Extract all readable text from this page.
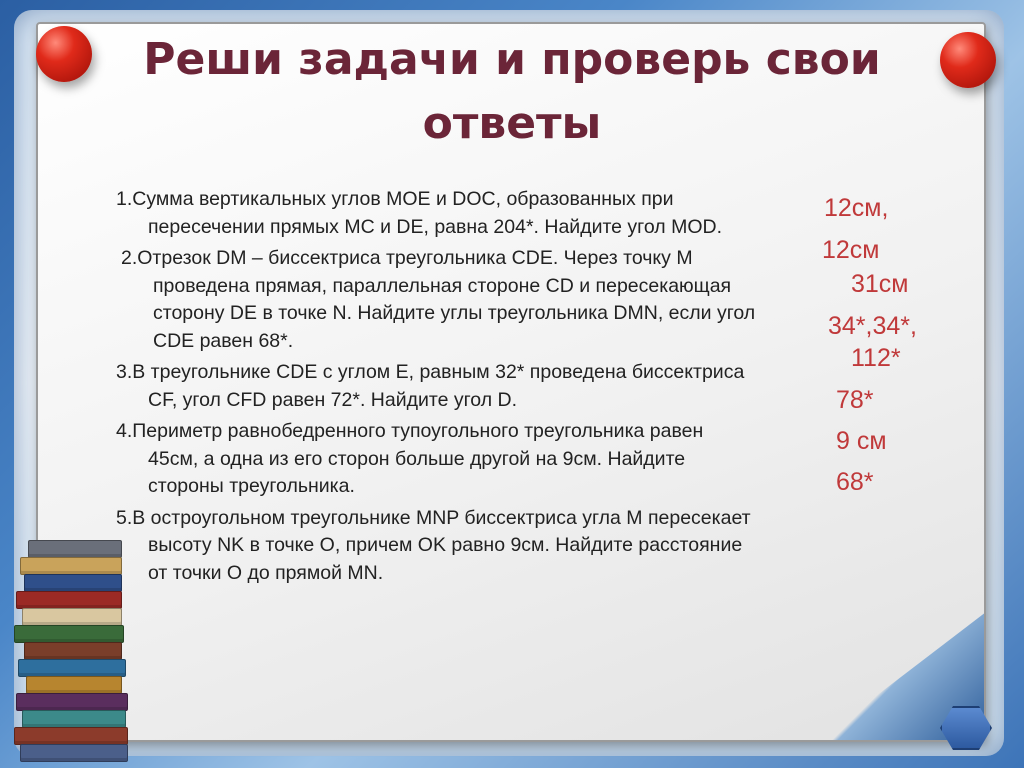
Реши задачи и проверь свои
ответы

1.Сумма вертикальных углов MOE и DOC, образованных при пересечении прямых MC и DE, равна 204*. Найдите угол MOD.

2.Отрезок DM – биссектриса треугольника CDE. Через точку M проведена прямая, параллельная стороне CD и пересекающая сторону DE в точке N. Найдите углы треугольника DMN, если угол CDE равен 68*.

3.В треугольнике CDE с углом E, равным 32* проведена биссектриса CF, угол CFD равен 72*. Найдите угол D.

4.Периметр равнобедренного тупоугольного треугольника равен 45см, а одна из его сторон больше другой на 9см. Найдите стороны треугольника.

5.В остроугольном треугольнике MNP биссектриса угла M пересекает высоту NK в точке O, причем OK равно 9см. Найдите расстояние от точки O до прямой MN.

12см,
12см
31см
34*,34*,
112*
78*
9 см
68*
